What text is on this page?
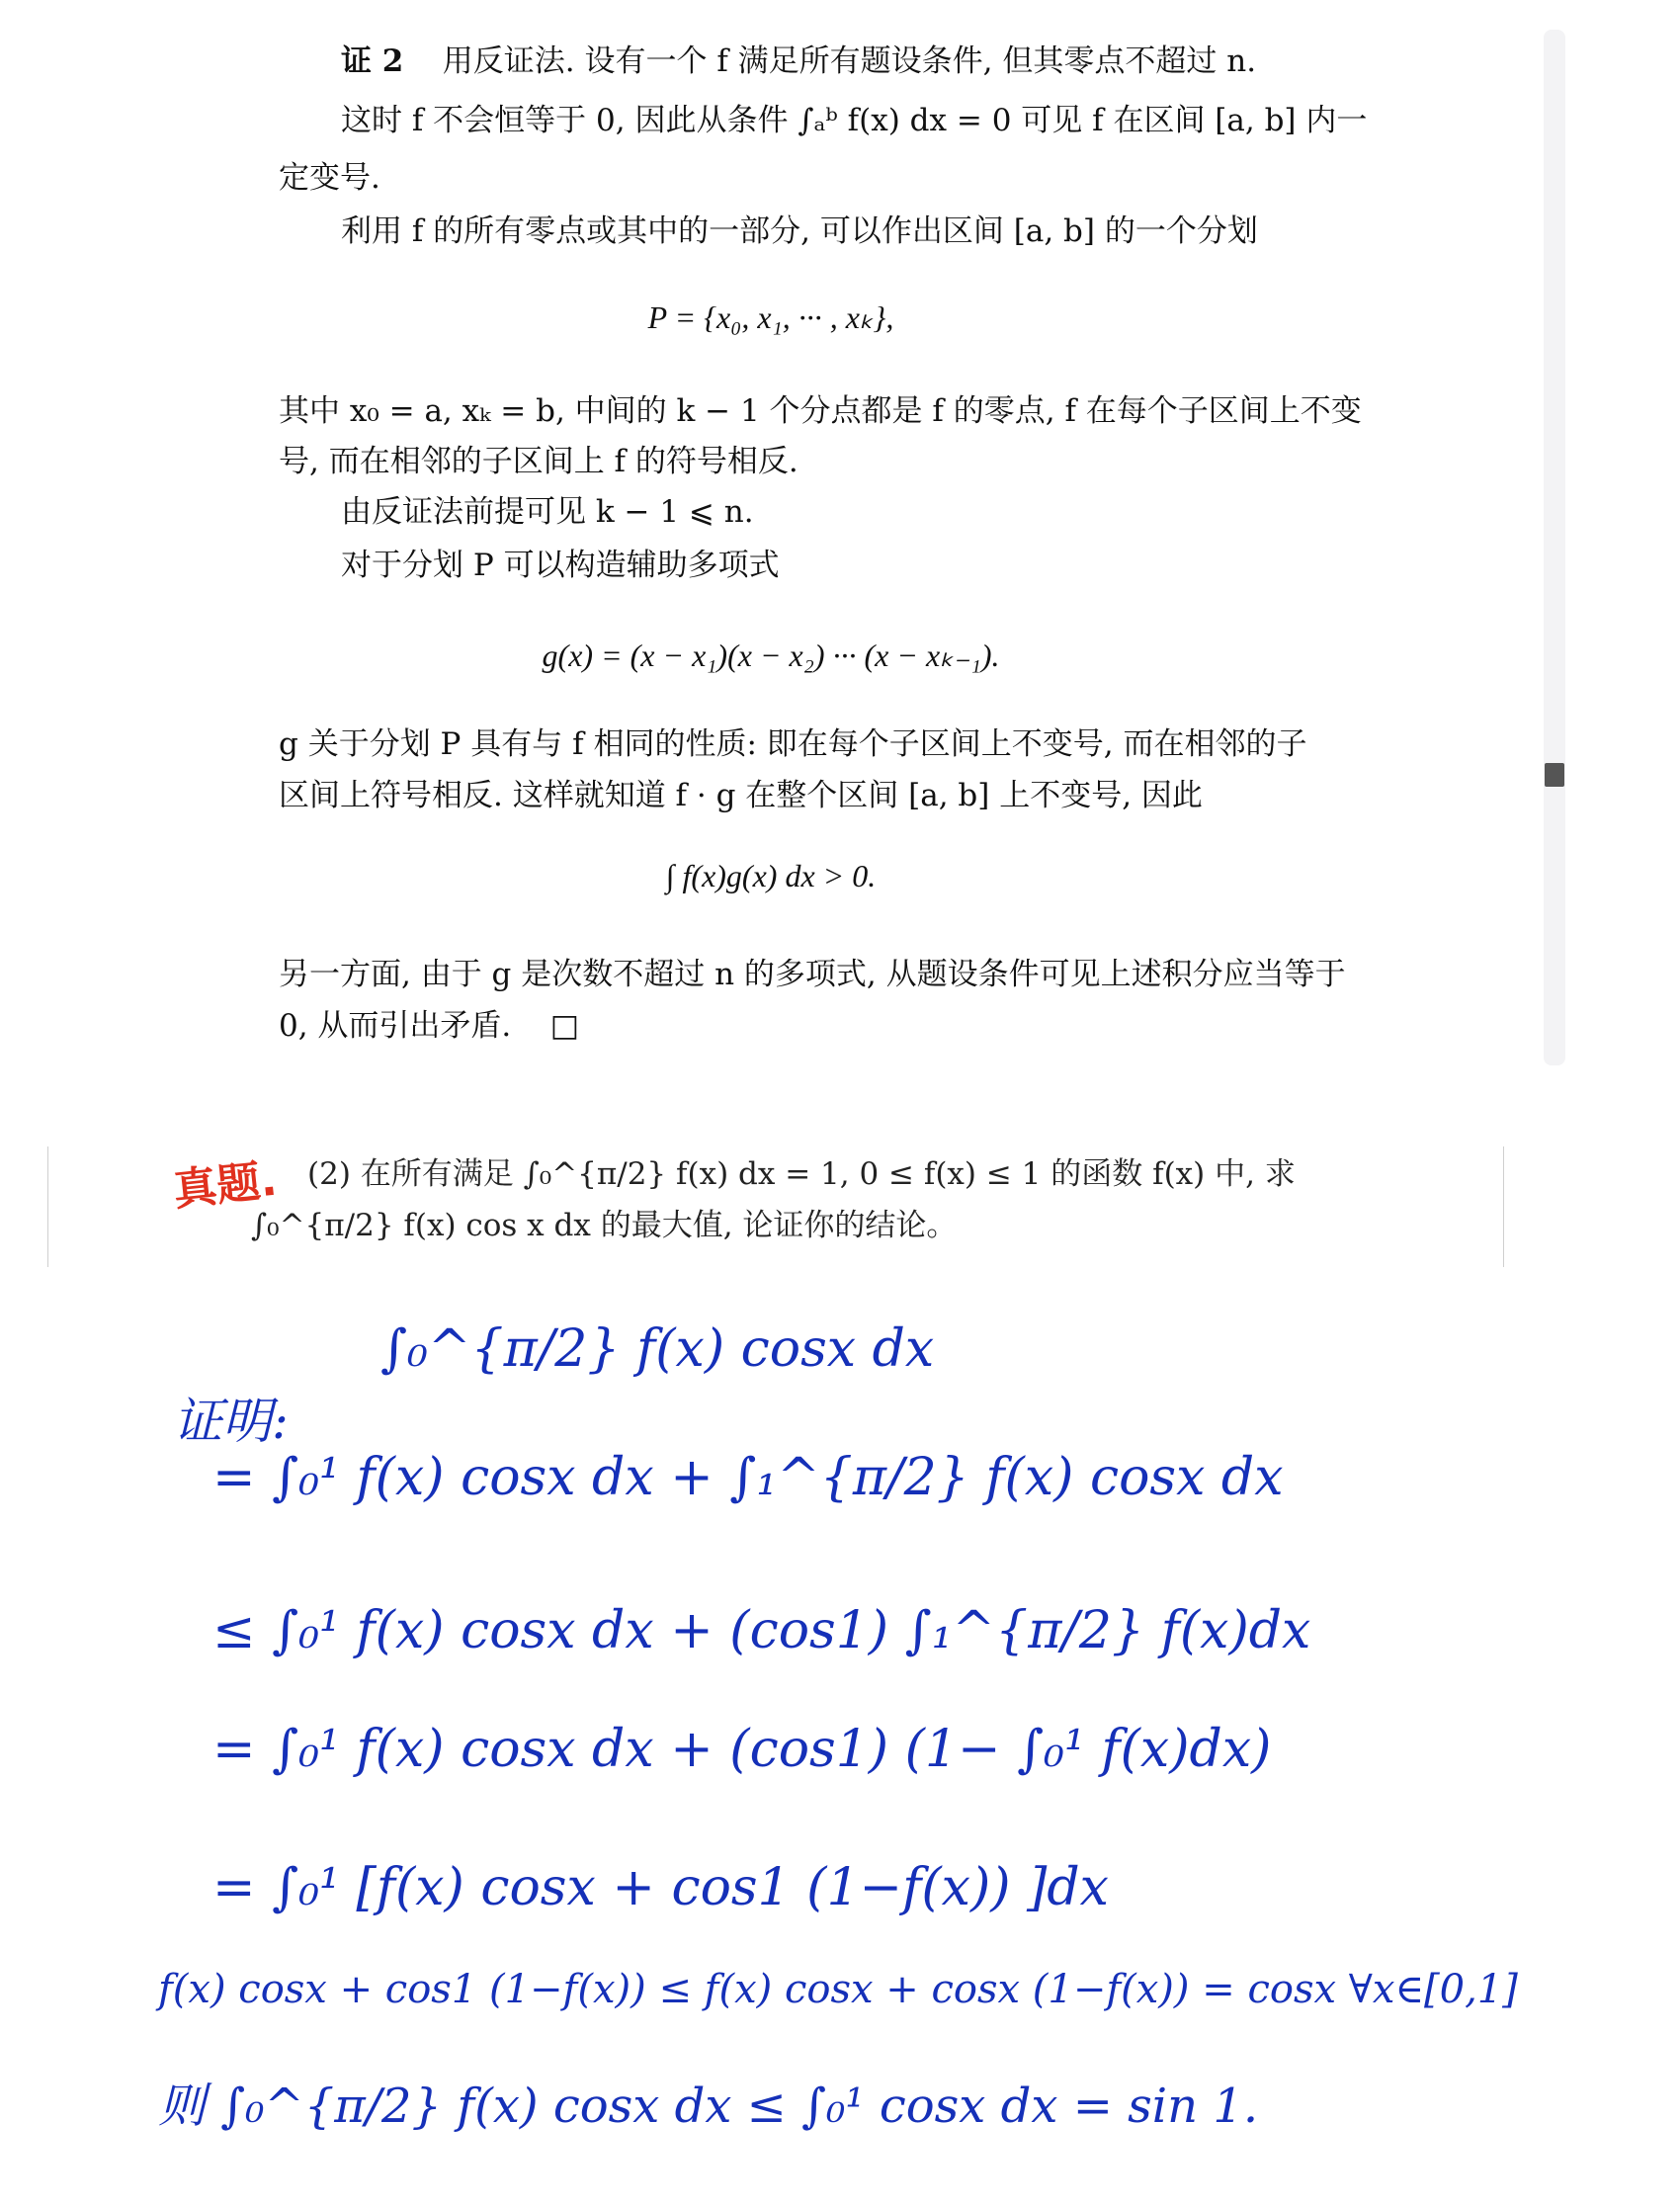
证 2 用反证法. 设有一个 f 满足所有题设条件, 但其零点不超过 n.
这时 f 不会恒等于 0, 因此从条件 ∫ₐᵇ f(x) dx = 0 可见 f 在区间 [a, b] 内一
定变号.
利用 f 的所有零点或其中的一部分, 可以作出区间 [a, b] 的一个分划
P = {x₀, x₁, ··· , xₖ},
其中 x₀ = a, xₖ = b, 中间的 k − 1 个分点都是 f 的零点, f 在每个子区间上不变
号, 而在相邻的子区间上 f 的符号相反.
由反证法前提可见 k − 1 ⩽ n.
对于分划 P 可以构造辅助多项式
g(x) = (x − x₁)(x − x₂) ··· (x − xₖ₋₁).
g 关于分划 P 具有与 f 相同的性质: 即在每个子区间上不变号, 而在相邻的子
区间上符号相反. 这样就知道 f · g 在整个区间 [a, b] 上不变号, 因此
∫ f(x)g(x) dx > 0.
另一方面, 由于 g 是次数不超过 n 的多项式, 从题设条件可见上述积分应当等于
0, 从而引出矛盾. □
(2) 在所有满足 ∫₀^{π/2} f(x) dx = 1, 0 ≤ f(x) ≤ 1 的函数 f(x) 中, 求
∫₀^{π/2} f(x) cos x dx 的最大值, 论证你的结论。
真题.
证明:
∫₀^{π/2} f(x) cosx dx
= ∫₀¹ f(x) cosx dx + ∫₁^{π/2} f(x) cosx dx
≤ ∫₀¹ f(x) cosx dx + (cos1) ∫₁^{π/2} f(x)dx
= ∫₀¹ f(x) cosx dx + (cos1) (1− ∫₀¹ f(x)dx)
= ∫₀¹ [f(x) cosx + cos1 (1−f(x)) ]dx
f(x) cosx + cos1 (1−f(x)) ≤ f(x) cosx + cosx (1−f(x)) = cosx ∀x∈[0,1]
则 ∫₀^{π/2} f(x) cosx dx ≤ ∫₀¹ cosx dx = sin 1.
